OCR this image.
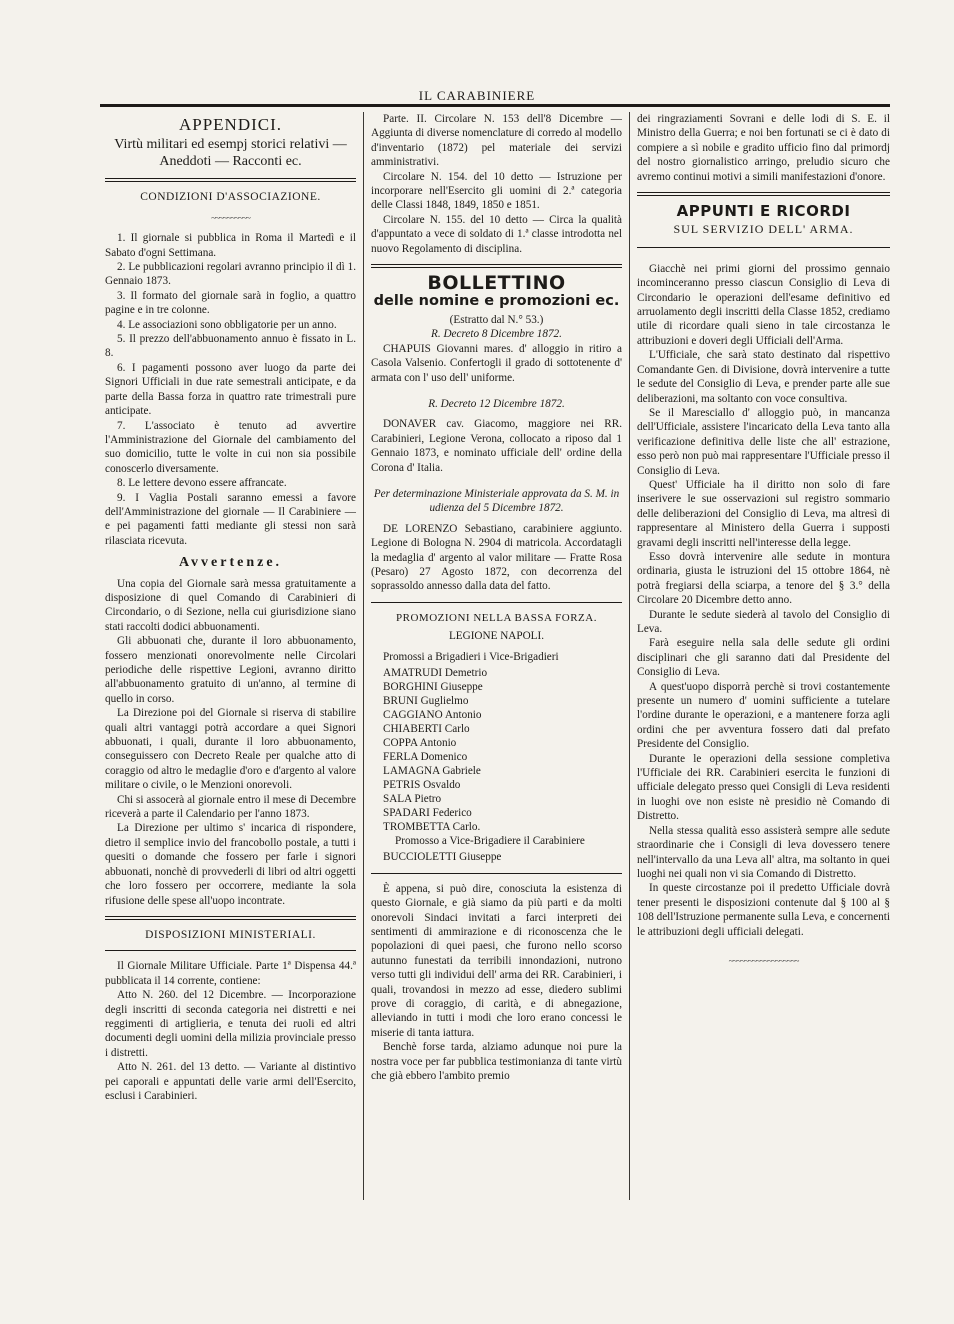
IL CARABINIERE
APPENDICI.
Virtù militari ed esempj storici relativi — Aneddoti — Racconti ec.
CONDIZIONI D'ASSOCIAZIONE.
~~~~~~~~~~

1. Il giornale si pubblica in Roma il Martedì e il Sabato d'ogni Settimana.

2. Le pubblicazioni regolari avranno principio il dì 1. Gennaio 1873.

3. Il formato del giornale sarà in foglio, a quattro pagine e in tre colonne.

4. Le associazioni sono obbligatorie per un anno.

5. Il prezzo dell'abbuonamento annuo è fissato in L. 8.

6. I pagamenti possono aver luogo da parte dei Signori Ufficiali in due rate semestrali anticipate, e da parte della Bassa forza in quattro rate trimestrali pure anticipate.

7. L'associato è tenuto ad avvertire l'Amministrazione del Giornale del cambiamento del suo domicilio, tutte le volte in cui non sia possibile conoscerlo diversamente.

8. Le lettere devono essere affrancate.

9. I Vaglia Postali saranno emessi a favore dell'Amministrazione del giornale — Il Carabiniere — e pei pagamenti fatti mediante gli stessi non sarà rilasciata ricevuta.

Avvertenze.

Una copia del Giornale sarà messa gratuitamente a disposizione di quel Comando di Carabinieri di Circondario, o di Sezione, nella cui giurisdizione siano stati raccolti dodici abbuonamenti.

Gli abbuonati che, durante il loro abbuonamento, fossero menzionati onorevolmente nelle Circolari periodiche delle rispettive Legioni, avranno diritto all'abbuonamento gratuito di un'anno, al termine di quello in corso.

La Direzione poi del Giornale si riserva di stabilire quali altri vantaggi potrà accordare a quei Signori abbuonati, i quali, durante il loro abbuonamento, conseguissero con Decreto Reale per qualche atto di coraggio od altro le medaglie d'oro e d'argento al valore militare o civile, o le Menzioni onorevoli.

Chi si assocerà al giornale entro il mese di Decembre riceverà a parte il Calendario per l'anno 1873.

La Direzione per ultimo s' incarica di rispondere, dietro il semplice invio del francobollo postale, a tutti i quesiti o domande che fossero per farle i signori abbuonati, nonchè di provvederli di libri od altri oggetti che loro fossero per occorrere, mediante la sola rifusione delle spese all'uopo incontrate.

DISPOSIZIONI MINISTERIALI.

Il Giornale Militare Ufficiale. Parte 1ª Dispensa 44.ª pubblicata il 14 corrente, contiene:

Atto N. 260. del 12 Dicembre. — Incorporazione degli inscritti di seconda categoria nei distretti e nei reggimenti di artiglieria, e tenuta dei ruoli ed altri documenti degli uomini della milizia provinciale presso i distretti.

Atto N. 261. del 13 detto. — Variante al distintivo pei caporali e appuntati delle varie armi dell'Esercito, esclusi i Carabinieri.

Parte. II. Circolare N. 153 dell'8 Dicembre — Aggiunta di diverse nomenclature di corredo al modello d'inventario (1872) pel materiale dei servizi amministrativi.

Circolare N. 154. del 10 detto — Istruzione per incorporare nell'Esercito gli uomini di 2.ª categoria delle Classi 1848, 1849, 1850 e 1851.

Circolare N. 155. del 10 detto — Circa la qualità d'appuntato a vece di soldato di 1.ª classe introdotta nel nuovo Regolamento di disciplina.

BOLLETTINO
delle nomine e promozioni ec.
(Estratto dal N.° 53.)
R. Decreto 8 Dicembre 1872.

CHAPUIS Giovanni mares. d' alloggio in ritiro a Casola Valsenio. Confertogli il grado di sottotenente d' armata con l' uso dell' uniforme.

R. Decreto 12 Dicembre 1872.

DONAVER cav. Giacomo, maggiore nei RR. Carabinieri, Legione Verona, collocato a riposo dal 1 Gennaio 1873, e nominato ufficiale dell' ordine della Corona d' Italia.

Per determinazione Ministeriale approvata da S. M. in udienza del 5 Dicembre 1872.

DE LORENZO Sebastiano, carabiniere aggiunto. Legione di Bologna N. 2904 di matricola. Accordatagli la medaglia d' argento al valor militare — Fratte Rosa (Pesaro) 27 Agosto 1872, con decorrenza del soprassoldo annesso dalla data del fatto.

PROMOZIONI NELLA BASSA FORZA.
LEGIONE NAPOLI.

Promossi a Brigadieri i Vice-Brigadieri

AMATRUDI Demetrio
BORGHINI Giuseppe
BRUNI Guglielmo
CAGGIANO Antonio
CHIABERTI Carlo
COPPA Antonio
FERLA Domenico
LAMAGNA Gabriele
PETRIS Osvaldo
SALA Pietro
SPADARI Federico
TROMBETTA Carlo.

Promosso a Vice-Brigadiere il Carabiniere

BUCCIOLETTI Giuseppe

È appena, si può dire, conosciuta la esistenza di questo Giornale, e già siamo da più parti e da molti onorevoli Sindaci invitati a farci interpreti dei sentimenti di ammirazione e di riconoscenza che le popolazioni di quei paesi, che furono nello scorso autunno funestati da terribili innondazioni, nutrono verso tutti gli individui dell' arma dei RR. Carabinieri, i quali, trovandosi in mezzo ad esse, diedero sublimi prove di coraggio, di carità, e di abnegazione, alleviando in tutti i modi che loro erano concessi le miserie di tanta iattura.

Benchè forse tarda, alziamo adunque noi pure la nostra voce per far pubblica testimonianza di tante virtù che già ebbero l'ambito premio

dei ringraziamenti Sovrani e delle lodi di S. E. il Ministro della Guerra; e noi ben fortunati se ci è dato di compiere a sì nobile e gradito ufficio fino dal primordj del nostro giornalistico arringo, preludio sicuro che avremo continui motivi a simili manifestazioni d'onore.

APPUNTI E RICORDI
SUL SERVIZIO DELL' ARMA.

Giacchè nei primi giorni del prossimo gennaio incominceranno presso ciascun Consiglio di Leva di Circondario le operazioni dell'esame definitivo ed arruolamento degli inscritti della Classe 1852, crediamo utile di ricordare quali sieno in tale circostanza le attribuzioni e doveri degli Ufficiali dell'Arma.

L'Ufficiale, che sarà stato destinato dal rispettivo Comandante Gen. di Divisione, dovrà intervenire a tutte le sedute del Consiglio di Leva, e prender parte alle sue deliberazioni, ma soltanto con voce consultiva.

Se il Maresciallo d' alloggio può, in mancanza dell'Ufficiale, assistere l'incaricato della Leva tanto alla verificazione definitiva delle liste che all' estrazione, esso però non può mai rappresentare l'Ufficiale presso il Consiglio di Leva.

Quest' Ufficiale ha il diritto non solo di fare inserivere le sue osservazioni sul registro sommario delle deliberazioni del Consiglio di Leva, ma altresì di rappresentare al Ministero della Guerra i supposti gravami degli inscritti nell'interesse della legge.

Esso dovrà intervenire alle sedute in montura ordinaria, giusta le istruzioni del 15 ottobre 1864, nè potrà fregiarsi della sciarpa, a tenore del § 3.° della Circolare 20 Dicembre detto anno.

Durante le sedute siederà al tavolo del Consiglio di Leva.

Farà eseguire nella sala delle sedute gli ordini disciplinari che gli saranno dati dal Presidente del Consiglio di Leva.

A quest'uopo disporrà perchè si trovi costantemente presente un numero d' uomini sufficiente a tutelare l'ordine durante le operazioni, e a mantenere forza agli ordini che per avventura fossero dati dal prefato Presidente del Consiglio.

Durante le operazioni della sessione completiva l'Ufficiale dei RR. Carabinieri esercita le funzioni di ufficiale delegato presso quei Consigli di Leva residenti in luoghi ove non esiste nè presidio nè Comando di Distretto.

Nella stessa qualità esso assisterà sempre alle sedute straordinarie che i Consigli di leva dovessero tenere nell'intervallo da una Leva all' altra, ma soltanto in quei luoghi nei quali non vi sia Comando di Distretto.

In queste circostanze poi il predetto Ufficiale dovrà tener presenti le disposizioni contenute dal § 100 al § 108 dell'Istruzione permanente sulla Leva, e concernenti le attribuzioni degli ufficiali delegati.

~~~~~~~~~~~~~~~~~~
